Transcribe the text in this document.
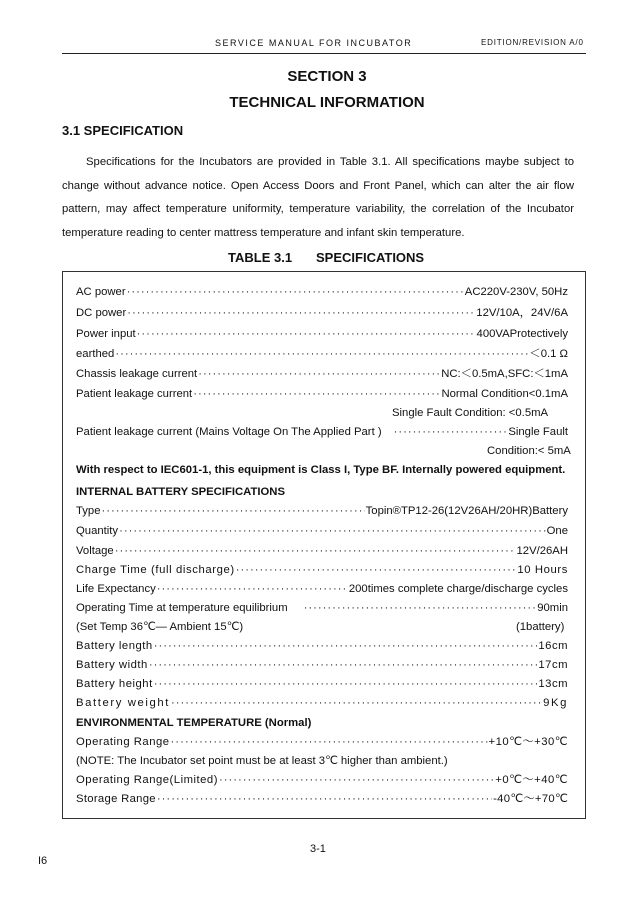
SERVICE MANUAL FOR INCUBATOR	EDITION/REVISION A/0
SECTION 3
TECHNICAL INFORMATION
3.1 SPECIFICATION
Specifications for the Incubators are provided in Table 3.1. All specifications maybe subject to change without advance notice. Open Access Doors and Front Panel, which can alter the air flow pattern, may affect temperature uniformity, temperature variability, the correlation of the Incubator temperature reading to center mattress temperature and infant skin temperature.
TABLE 3.1 SPECIFICATIONS
AC power ·····	AC220V-230V, 50Hz
DC power ·····	12V/10A，24V/6A
Power input ·····	400VAProtectively
earthed ·····	＜0.1 Ω
Chassis leakage current ·····	NC:＜0.5mA,SFC:＜1mA
Patient leakage current ·····	Normal Condition<0.1mA
Single Fault Condition: <0.5mA
Patient leakage current (Mains Voltage On The Applied Part ) ·····	Single Fault
Condition:< 5mA
With respect to IEC601-1, this equipment is Class I, Type BF. Internally powered equipment.
INTERNAL BATTERY SPECIFICATIONS
Type ·····	Topin®TP12-26(12V26AH/20HR)Battery
Quantity ·····	One
Voltage ·····	12V/26AH
Charge Time (full discharge) ·····	10 Hours
Life Expectancy ·····	200times complete charge/discharge cycles
Operating Time at temperature equilibrium ·····	90min
(Set Temp 36℃— Ambient 15℃)	(1battery)
Battery length ·····	16cm
Battery width ·····	17cm
Battery height ·····	13cm
Battery weight ·····	9Kg
ENVIRONMENTAL TEMPERATURE (Normal)
Operating Range ·····	+10℃～+30℃
(NOTE: The Incubator set point must be at least 3℃ higher than ambient.)
Operating Range(Limited) ·····	+0℃～+40℃
Storage Range ·····	-40℃～+70℃
3-1
I6
